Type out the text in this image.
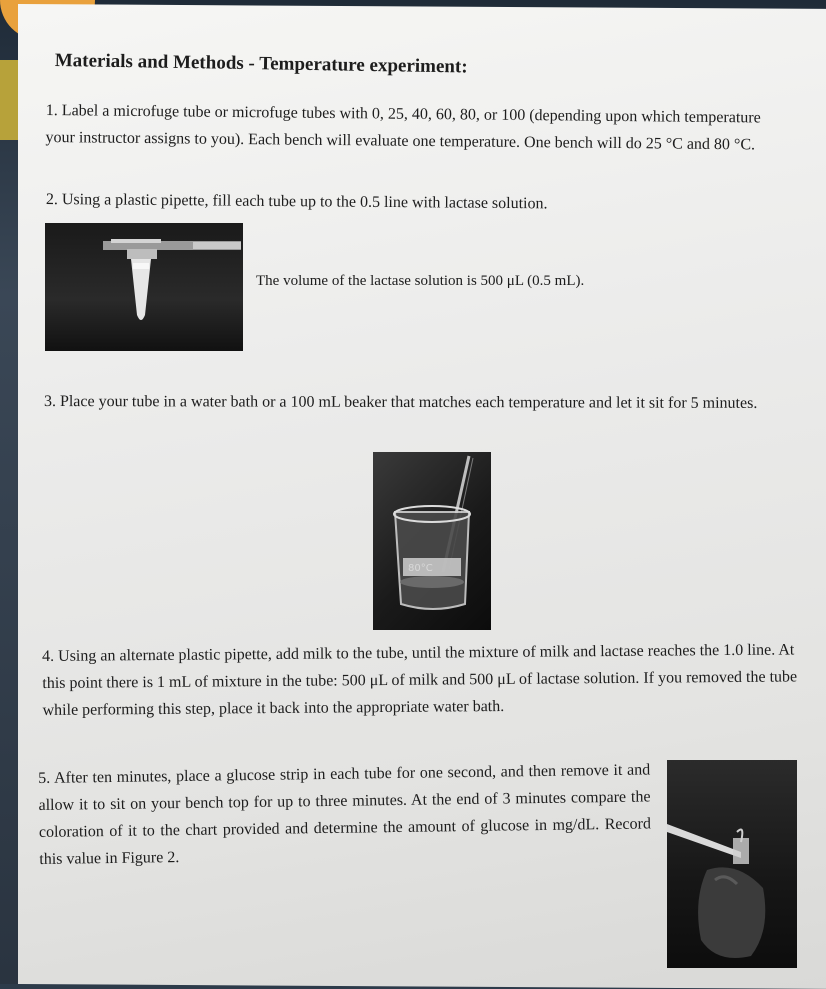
Materials and Methods - Temperature experiment:
1. Label a microfuge tube or microfuge tubes with 0, 25, 40, 60, 80, or 100 (depending upon which temperature your instructor assigns to you). Each bench will evaluate one temperature. One bench will do 25 °C and 80 °C.
2. Using a plastic pipette, fill each tube up to the 0.5 line with lactase solution.
The volume of the lactase solution is 500 μL (0.5 mL).
3. Place your tube in a water bath or a 100 mL beaker that matches each temperature and let it sit for 5 minutes.
80°C
4. Using an alternate plastic pipette, add milk to the tube, until the mixture of milk and lactase reaches the 1.0 line. At this point there is 1 mL of mixture in the tube: 500 μL of milk and 500 μL of lactase solution. If you removed the tube while performing this step, place it back into the appropriate water bath.
5. After ten minutes, place a glucose strip in each tube for one second, and then remove it and allow it to sit on your bench top for up to three minutes. At the end of 3 minutes compare the coloration of it to the chart provided and determine the amount of glucose in mg/dL. Record this value in Figure 2.
